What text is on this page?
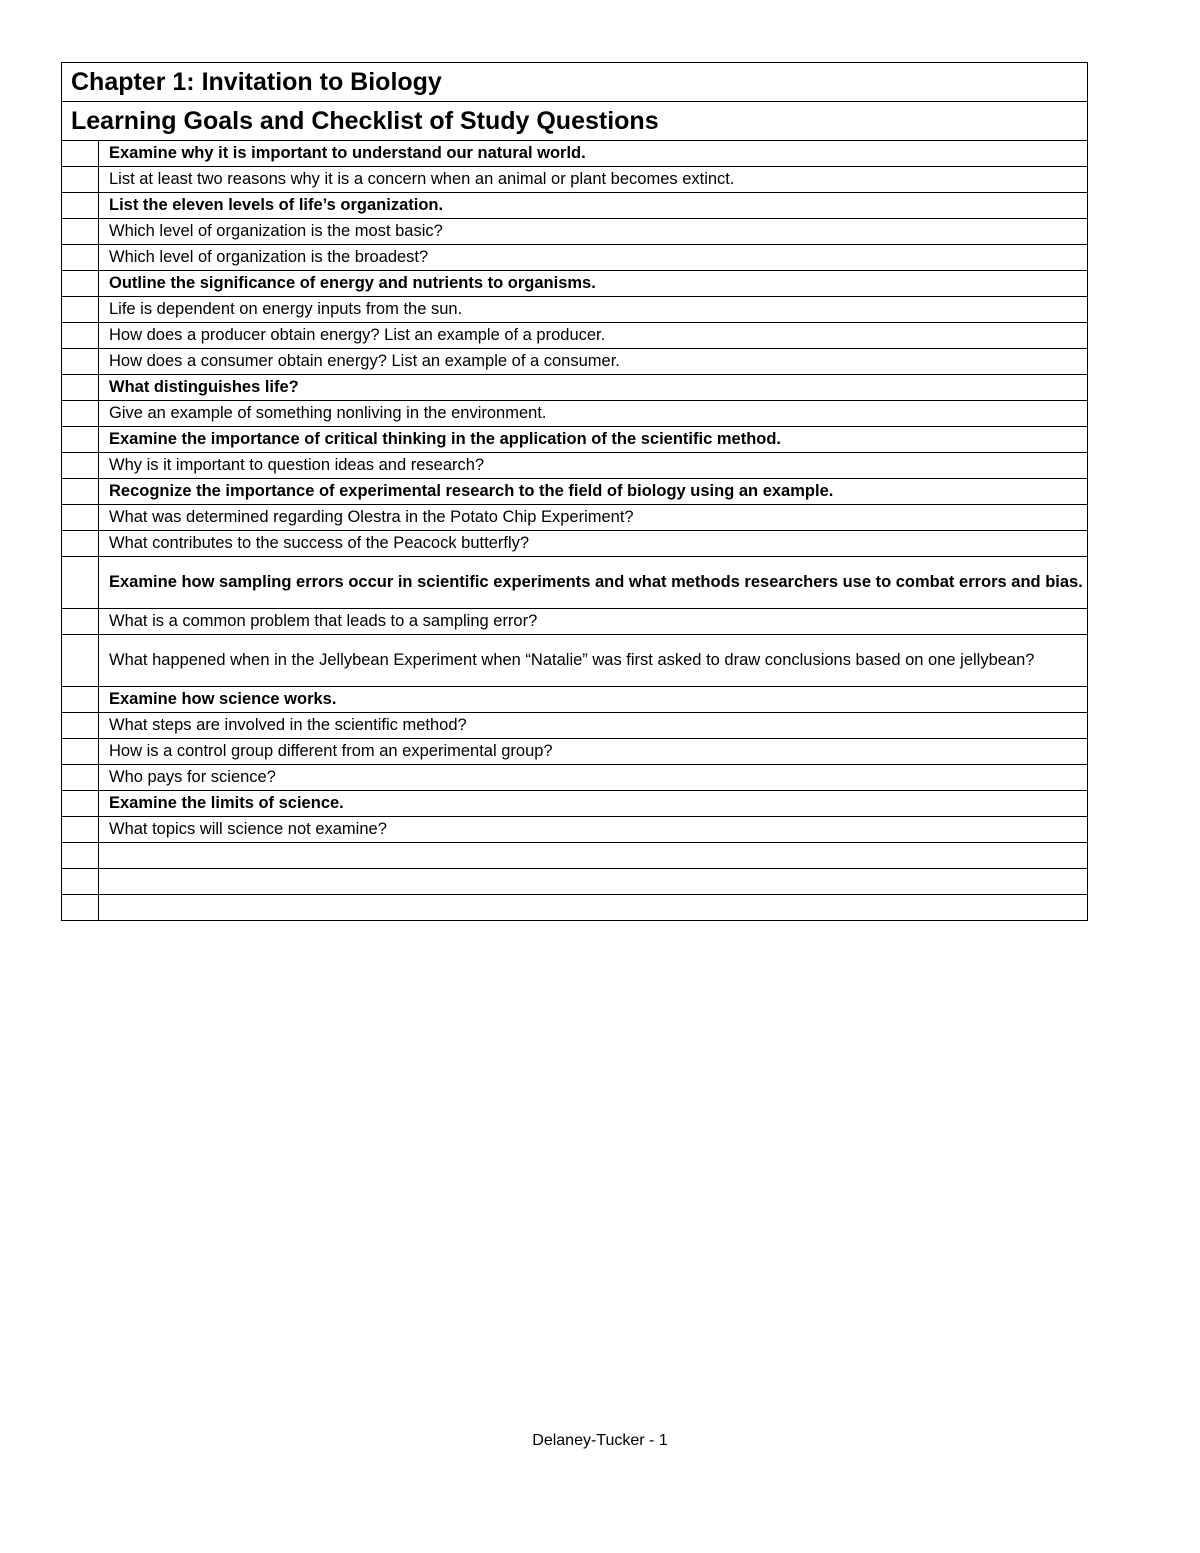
Chapter 1: Invitation to Biology	
Learning Goals and Checklist of Study Questions	
	Examine why it is important to understand our natural world.
	List at least two reasons why it is a concern when an animal or plant becomes extinct.
	List the eleven levels of life’s organization.
	Which level of organization is the most basic?
	Which level of organization is the broadest?
	Outline the significance of energy and nutrients to organisms.
	Life is dependent on energy inputs from the sun.
	How does a producer obtain energy? List an example of a producer.
	How does a consumer obtain energy? List an example of a consumer.
	What distinguishes life?
	Give an example of something nonliving in the environment.
	Examine the importance of critical thinking in the application of the scientific method.
	Why is it important to question ideas and research?
	Recognize the importance of experimental research to the field of biology using an example.
	What was determined regarding Olestra in the Potato Chip Experiment?
	What contributes to the success of the Peacock butterfly?
	Examine how sampling errors occur in scientific experiments and what methods researchers use to combat errors and bias.
	What is a common problem that leads to a sampling error?
	What happened when in the Jellybean Experiment when “Natalie” was first asked to draw conclusions based on one jellybean?
	Examine how science works.
	What steps are involved in the scientific method?
	How is a control group different from an experimental group?
	Who pays for science?
	Examine the limits of science.
	What topics will science not examine?

Delaney-Tucker - 1
